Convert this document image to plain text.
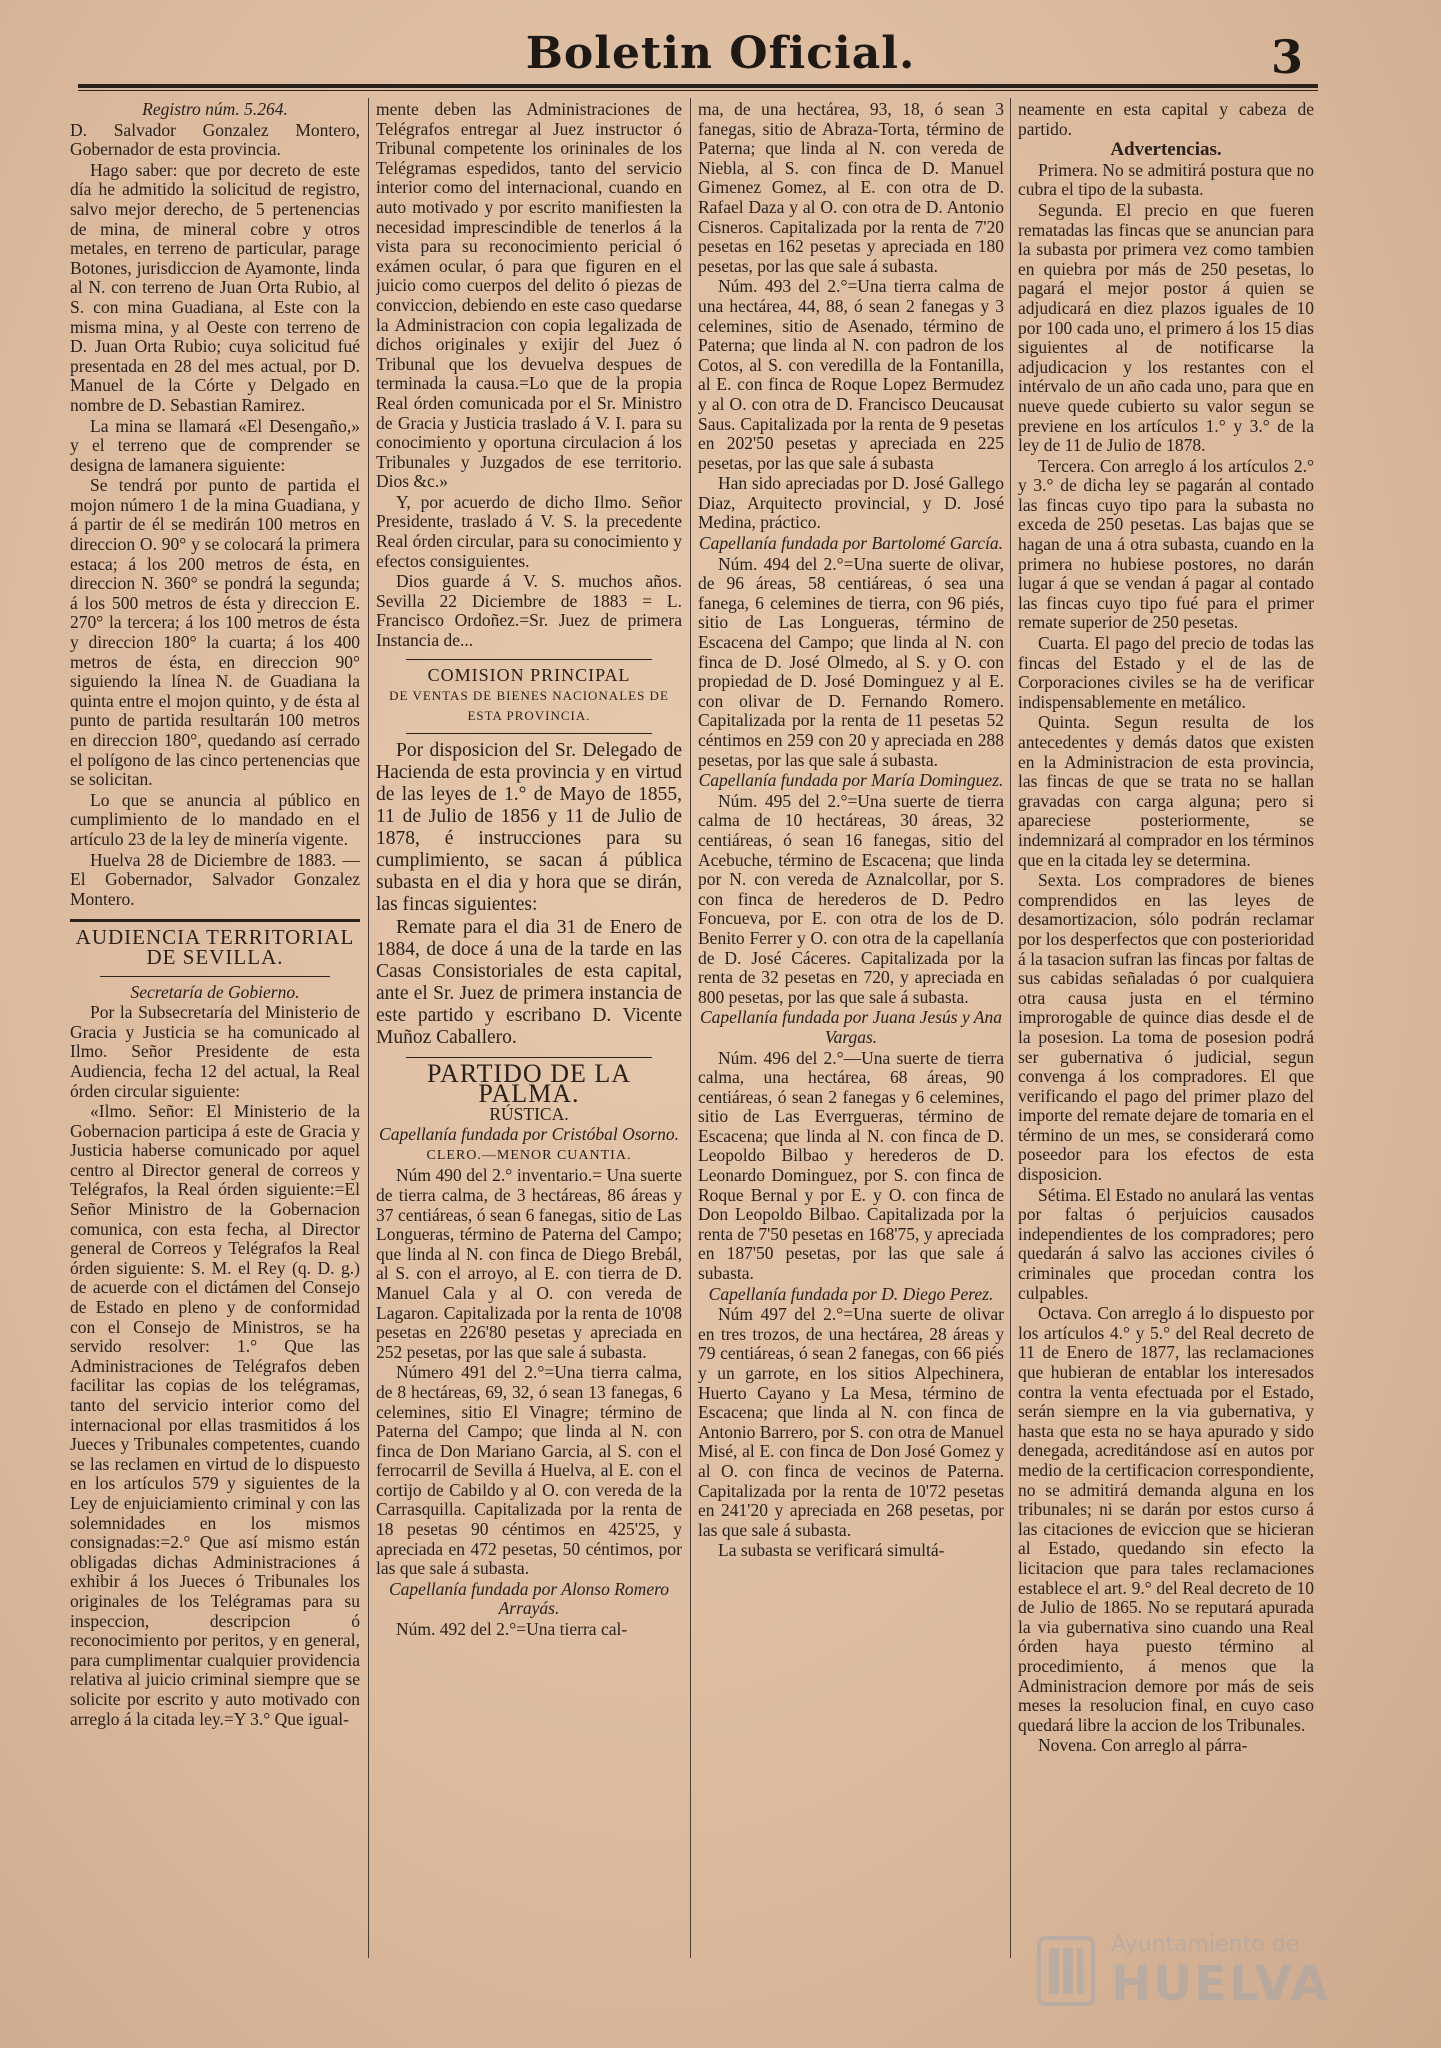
Boletin Oficial.	3

Registro núm. 5.264.

D. Salvador Gonzalez Montero, Gobernador de esta provincia.

Hago saber: que por decreto de este día he admitido la solicitud de registro, salvo mejor derecho, de 5 pertenencias de mina, de mineral cobre y otros metales, en terreno de particular, parage Botones, jurisdiccion de Ayamonte, linda al N. con terreno de Juan Orta Rubio, al S. con mina Guadiana, al Este con la misma mina, y al Oeste con terreno de D. Juan Orta Rubio; cuya solicitud fué presentada en 28 del mes actual, por D. Manuel de la Córte y Delgado en nombre de D. Sebastian Ramirez.

La mina se llamará «El Desengaño,» y el terreno que de comprender se designa de lamanera siguiente:

Se tendrá por punto de partida el mojon número 1 de la mina Guadiana, y á partir de él se medirán 100 metros en direccion O. 90° y se colocará la primera estaca; á los 200 metros de ésta, en direccion N. 360° se pondrá la segunda; á los 500 metros de ésta y direccion E. 270° la tercera; á los 100 metros de ésta y direccion 180° la cuarta; á los 400 metros de ésta, en direccion 90° siguiendo la línea N. de Guadiana la quinta entre el mojon quinto, y de ésta al punto de partida resultarán 100 metros en direccion 180°, quedando así cerrado el polígono de las cinco pertenencias que se solicitan.

Lo que se anuncia al público en cumplimiento de lo mandado en el artículo 23 de la ley de minería vigente.

Huelva 28 de Diciembre de 1883. —El Gobernador, Salvador Gonzalez Montero.

AUDIENCIA TERRITORIAL DE SEVILLA.

Secretaría de Gobierno.

Por la Subsecretaría del Ministerio de Gracia y Justicia se ha comunicado al Ilmo. Señor Presidente de esta Audiencia, fecha 12 del actual, la Real órden circular siguiente:

«Ilmo. Señor: El Ministerio de la Gobernacion participa á este de Gracia y Justicia haberse comunicado por aquel centro al Director general de correos y Telégrafos, la Real órden siguiente:=El Señor Ministro de la Gobernacion comunica, con esta fecha, al Director general de Correos y Telégrafos la Real órden siguiente: S. M. el Rey (q. D. g.) de acuerde con el dictámen del Consejo de Estado en pleno y de conformidad con el Consejo de Ministros, se ha servido resolver: 1.° Que las Administraciones de Telégrafos deben facilitar las copias de los telégramas, tanto del servicio interior como del internacional por ellas trasmitidos á los Jueces y Tribunales competentes, cuando se las reclamen en virtud de lo dispuesto en los artículos 579 y siguientes de la Ley de enjuiciamiento criminal y con las solemnidades en los mismos consignadas:=2.° Que así mismo están obligadas dichas Administraciones á exhibir á los Jueces ó Tribunales los originales de los Telégramas para su inspeccion, descripcion ó reconocimiento por peritos, y en general, para cumplimentar cualquier providencia relativa al juicio criminal siempre que se solicite por escrito y auto motivado con arreglo á la citada ley.=Y 3.° Que igual-

mente deben las Administraciones de Telégrafos entregar al Juez instructor ó Tribunal competente los orininales de los Telégramas espedidos, tanto del servicio interior como del internacional, cuando en auto motivado y por escrito manifiesten la necesidad imprescindible de tenerlos á la vista para su reconocimiento pericial ó exámen ocular, ó para que figuren en el juicio como cuerpos del delito ó piezas de conviccion, debiendo en este caso quedarse la Administracion con copia legalizada de dichos originales y exijir del Juez ó Tribunal que los devuelva despues de terminada la causa.=Lo que de la propia Real órden comunicada por el Sr. Ministro de Gracia y Justicia traslado á V. I. para su conocimiento y oportuna circulacion á los Tribunales y Juzgados de ese territorio. Dios &c.»

Y, por acuerdo de dicho Ilmo. Señor Presidente, traslado á V. S. la precedente Real órden circular, para su conocimiento y efectos consiguientes.

Dios guarde á V. S. muchos años. Sevilla 22 Diciembre de 1883 = L. Francisco Ordoñez.=Sr. Juez de primera Instancia de...

COMISION PRINCIPAL

DE VENTAS DE BIENES NACIONALES DE ESTA PROVINCIA.

Por disposicion del Sr. Delegado de Hacienda de esta provincia y en virtud de las leyes de 1.° de Mayo de 1855, 11 de Julio de 1856 y 11 de Julio de 1878, é instrucciones para su cumplimiento, se sacan á pública subasta en el dia y hora que se dirán, las fincas siguientes:

Remate para el dia 31 de Enero de 1884, de doce á una de la tarde en las Casas Consistoriales de esta capital, ante el Sr. Juez de primera instancia de este partido y escribano D. Vicente Muñoz Caballero.

PARTIDO DE LA PALMA.

RÚSTICA.

Capellanía fundada por Cristóbal Osorno.

CLERO.—MENOR CUANTIA.

Núm 490 del 2.° inventario.= Una suerte de tierra calma, de 3 hectáreas, 86 áreas y 37 centiáreas, ó sean 6 fanegas, sitio de Las Longueras, término de Paterna del Campo; que linda al N. con finca de Diego Brebál, al S. con el arroyo, al E. con tierra de D. Manuel Cala y al O. con vereda de Lagaron. Capitalizada por la renta de 10'08 pesetas en 226'80 pesetas y apreciada en 252 pesetas, por las que sale á subasta.

Número 491 del 2.°=Una tierra calma, de 8 hectáreas, 69, 32, ó sean 13 fanegas, 6 celemines, sitio El Vinagre; término de Paterna del Campo; que linda al N. con finca de Don Mariano Garcia, al S. con el ferrocarril de Sevilla á Huelva, al E. con el cortijo de Cabildo y al O. con vereda de la Carrasquilla. Capitalizada por la renta de 18 pesetas 90 céntimos en 425'25, y apreciada en 472 pesetas, 50 céntimos, por las que sale á subasta.

Capellanía fundada por Alonso Romero Arrayás.

Núm. 492 del 2.°=Una tierra cal-

ma, de una hectárea, 93, 18, ó sean 3 fanegas, sitio de Abraza-Torta, término de Paterna; que linda al N. con vereda de Niebla, al S. con finca de D. Manuel Gimenez Gomez, al E. con otra de D. Rafael Daza y al O. con otra de D. Antonio Cisneros. Capitalizada por la renta de 7'20 pesetas en 162 pesetas y apreciada en 180 pesetas, por las que sale á subasta.

Núm. 493 del 2.°=Una tierra calma de una hectárea, 44, 88, ó sean 2 fanegas y 3 celemines, sitio de Asenado, término de Paterna; que linda al N. con padron de los Cotos, al S. con veredilla de la Fontanilla, al E. con finca de Roque Lopez Bermudez y al O. con otra de D. Francisco Deucausat Saus. Capitalizada por la renta de 9 pesetas en 202'50 pesetas y apreciada en 225 pesetas, por las que sale á subasta

Han sido apreciadas por D. José Gallego Diaz, Arquitecto provincial, y D. José Medina, práctico.

Capellanía fundada por Bartolomé García.

Núm. 494 del 2.°=Una suerte de olivar, de 96 áreas, 58 centiáreas, ó sea una fanega, 6 celemines de tierra, con 96 piés, sitio de Las Longueras, término de Escacena del Campo; que linda al N. con finca de D. José Olmedo, al S. y O. con propiedad de D. José Dominguez y al E. con olivar de D. Fernando Romero. Capitalizada por la renta de 11 pesetas 52 céntimos en 259 con 20 y apreciada en 288 pesetas, por las que sale á subasta.

Capellanía fundada por María Dominguez.

Núm. 495 del 2.°=Una suerte de tierra calma de 10 hectáreas, 30 áreas, 32 centiáreas, ó sean 16 fanegas, sitio del Acebuche, término de Escacena; que linda por N. con vereda de Aznalcollar, por S. con finca de herederos de D. Pedro Foncueva, por E. con otra de los de D. Benito Ferrer y O. con otra de la capellanía de D. José Cáceres. Capitalizada por la renta de 32 pesetas en 720, y apreciada en 800 pesetas, por las que sale á subasta.

Capellanía fundada por Juana Jesús y Ana Vargas.

Núm. 496 del 2.°—Una suerte de tierra calma, una hectárea, 68 áreas, 90 centiáreas, ó sean 2 fanegas y 6 celemines, sitio de Las Everrgueras, término de Escacena; que linda al N. con finca de D. Leopoldo Bilbao y herederos de D. Leonardo Dominguez, por S. con finca de Roque Bernal y por E. y O. con finca de Don Leopoldo Bilbao. Capitalizada por la renta de 7'50 pesetas en 168'75, y apreciada en 187'50 pesetas, por las que sale á subasta.

Capellanía fundada por D. Diego Perez.

Núm 497 del 2.°=Una suerte de olivar en tres trozos, de una hectárea, 28 áreas y 79 centiáreas, ó sean 2 fanegas, con 66 piés y un garrote, en los sitios Alpechinera, Huerto Cayano y La Mesa, término de Escacena; que linda al N. con finca de Antonio Barrero, por S. con otra de Manuel Misé, al E. con finca de Don José Gomez y al O. con finca de vecinos de Paterna. Capitalizada por la renta de 10'72 pesetas en 241'20 y apreciada en 268 pesetas, por las que sale á subasta.

La subasta se verificará simultá-

neamente en esta capital y cabeza de partido.

Advertencias.

Primera. No se admitirá postura que no cubra el tipo de la subasta.

Segunda. El precio en que fueren rematadas las fincas que se anuncian para la subasta por primera vez como tambien en quiebra por más de 250 pesetas, lo pagará el mejor postor á quien se adjudicará en diez plazos iguales de 10 por 100 cada uno, el primero á los 15 dias siguientes al de notificarse la adjudicacion y los restantes con el intérvalo de un año cada uno, para que en nueve quede cubierto su valor segun se previene en los artículos 1.° y 3.° de la ley de 11 de Julio de 1878.

Tercera. Con arreglo á los artículos 2.° y 3.° de dicha ley se pagarán al contado las fincas cuyo tipo para la subasta no exceda de 250 pesetas. Las bajas que se hagan de una á otra subasta, cuando en la primera no hubiese postores, no darán lugar á que se vendan á pagar al contado las fincas cuyo tipo fué para el primer remate superior de 250 pesetas.

Cuarta. El pago del precio de todas las fincas del Estado y el de las de Corporaciones civiles se ha de verificar indispensablemente en metálico.

Quinta. Segun resulta de los antecedentes y demás datos que existen en la Administracion de esta provincia, las fincas de que se trata no se hallan gravadas con carga alguna; pero si apareciese posteriormente, se indemnizará al comprador en los términos que en la citada ley se determina.

Sexta. Los compradores de bienes comprendidos en las leyes de desamortizacion, sólo podrán reclamar por los desperfectos que con posterioridad á la tasacion sufran las fincas por faltas de sus cabidas señaladas ó por cualquiera otra causa justa en el término improrogable de quince dias desde el de la posesion. La toma de posesion podrá ser gubernativa ó judicial, segun convenga á los compradores. El que verificando el pago del primer plazo del importe del remate dejare de tomaria en el término de un mes, se considerará como poseedor para los efectos de esta disposicion.

Sétima. El Estado no anulará las ventas por faltas ó perjuicios causados independientes de los compradores; pero quedarán á salvo las acciones civiles ó criminales que procedan contra los culpables.

Octava. Con arreglo á lo dispuesto por los artículos 4.° y 5.° del Real decreto de 11 de Enero de 1877, las reclamaciones que hubieran de entablar los interesados contra la venta efectuada por el Estado, serán siempre en la via gubernativa, y hasta que esta no se haya apurado y sido denegada, acreditándose así en autos por medio de la certificacion correspondiente, no se admitirá demanda alguna en los tribunales; ni se darán por estos curso á las citaciones de eviccion que se hicieran al Estado, quedando sin efecto la licitacion que para tales reclamaciones establece el art. 9.° del Real decreto de 10 de Julio de 1865. No se reputará apurada la via gubernativa sino cuando una Real órden haya puesto término al procedimiento, á menos que la Administracion demore por más de seis meses la resolucion final, en cuyo caso quedará libre la accion de los Tribunales.

Novena. Con arreglo al párra-

Ayuntamiento de
HUELVA
